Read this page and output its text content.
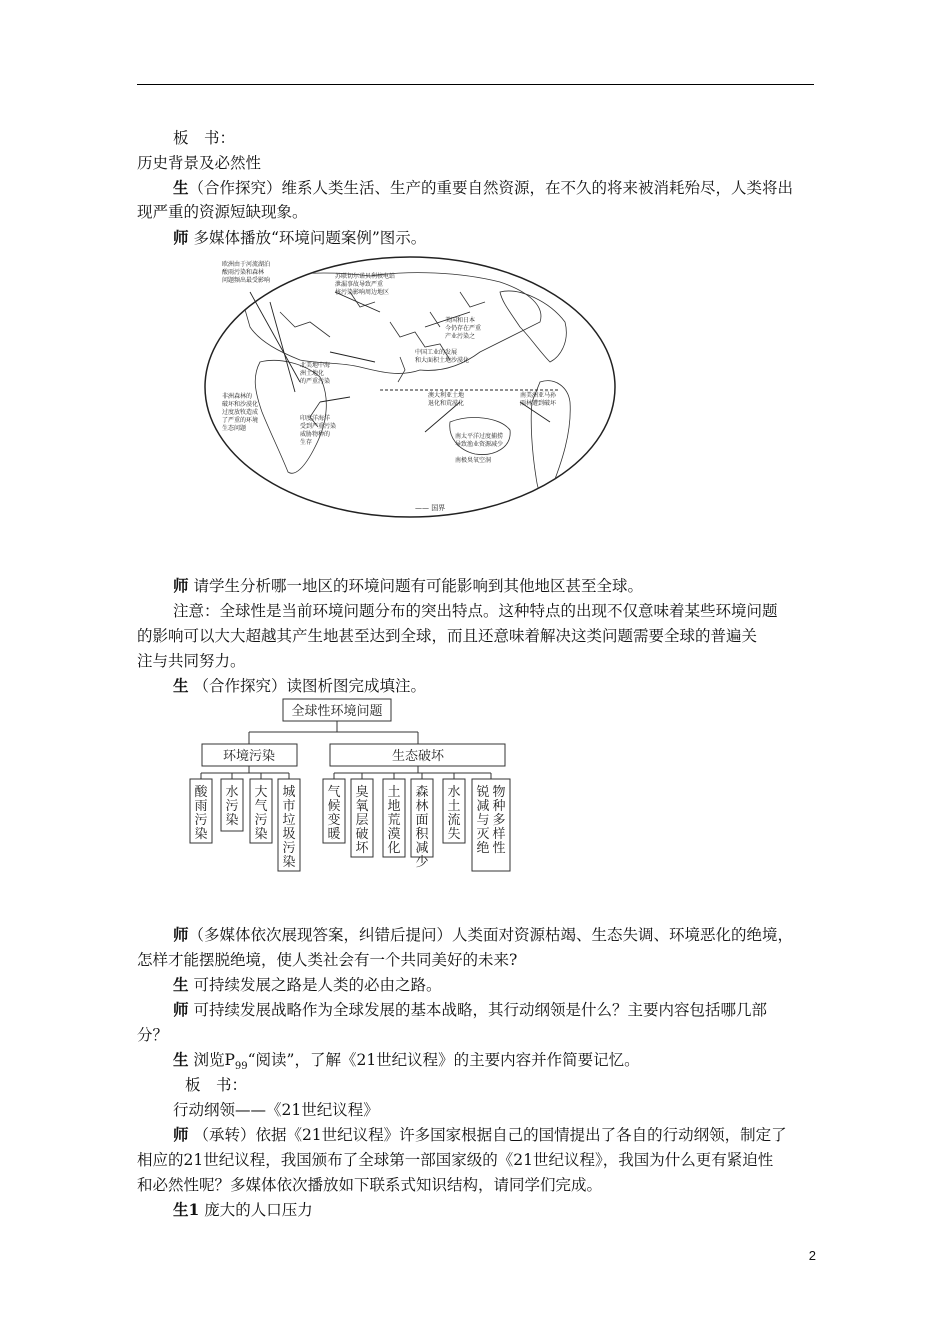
板　书：
历史背景及必然性
生（合作探究）维系人类生活、生产的重要自然资源，在不久的将来被消耗殆尽，人类将出
现严重的资源短缺现象。
师 多媒体播放“环境问题案例”图示。
欧洲由于河流湖泊
酸雨污染和森林
问题频出最受影响
苏联切尔诺贝利核电站
泄漏事故导致严重
核污染影响周边地区
美国和日本
今仍存在严重
产业污染之
中国工业的发展
和大面积土地沙漠化
北美地中海
洲土地化
的严重污染
非洲森林的
破坏和沙漠化
过度放牧造成
了严重的环境
生态问题
印度洋海洋
受到严重污染
威胁物种的
生存
澳大利亚土地
退化和荒漠化
南美洲亚马孙
雨林遭到破坏
南太平洋过度捕捞
导致渔业资源减少
南极臭氧空洞
—— 国界
师 请学生分析哪一地区的环境问题有可能影响到其他地区甚至全球。
注意：全球性是当前环境问题分布的突出特点。这种特点的出现不仅意味着某些环境问题
的影响可以大大超越其产生地甚至达到全球，而且还意味着解决这类问题需要全球的普遍关
注与共同努力。
生 （合作探究）读图析图完成填注。
全球性环境问题
环境污染	生态破坏
酸
雨
污
染
水
污
染
大
气
污
染
城
市
垃
圾
污
染
气
候
变
暖
臭
氧
层
破
坏
土
地
荒
漠
化
森
林
面
积
减
少
水
土
流
失
物
种
多
样
性
锐
减
与
灭
绝
师（多媒体依次展现答案，纠错后提问）人类面对资源枯竭、生态失调、环境恶化的绝境，
怎样才能摆脱绝境，使人类社会有一个共同美好的未来?
生 可持续发展之路是人类的必由之路。
师 可持续发展战略作为全球发展的基本战略，其行动纲领是什么？主要内容包括哪几部
分？
生 浏览$P_{99}“$阅读”，了解《21世纪议程》的主要内容并作简要记忆。
板　书：
行动纲领——《21世纪议程》
师 （承转）依据《21世纪议程》许多国家根据自己的国情提出了各自的行动纲领，制定了
相应的21世纪议程，我国颁布了全球第一部国家级的《21世纪议程》，我国为什么更有紧迫性
和必然性呢？多媒体依次播放如下联系式知识结构，请同学们完成。
生1 庞大的人口压力
2
